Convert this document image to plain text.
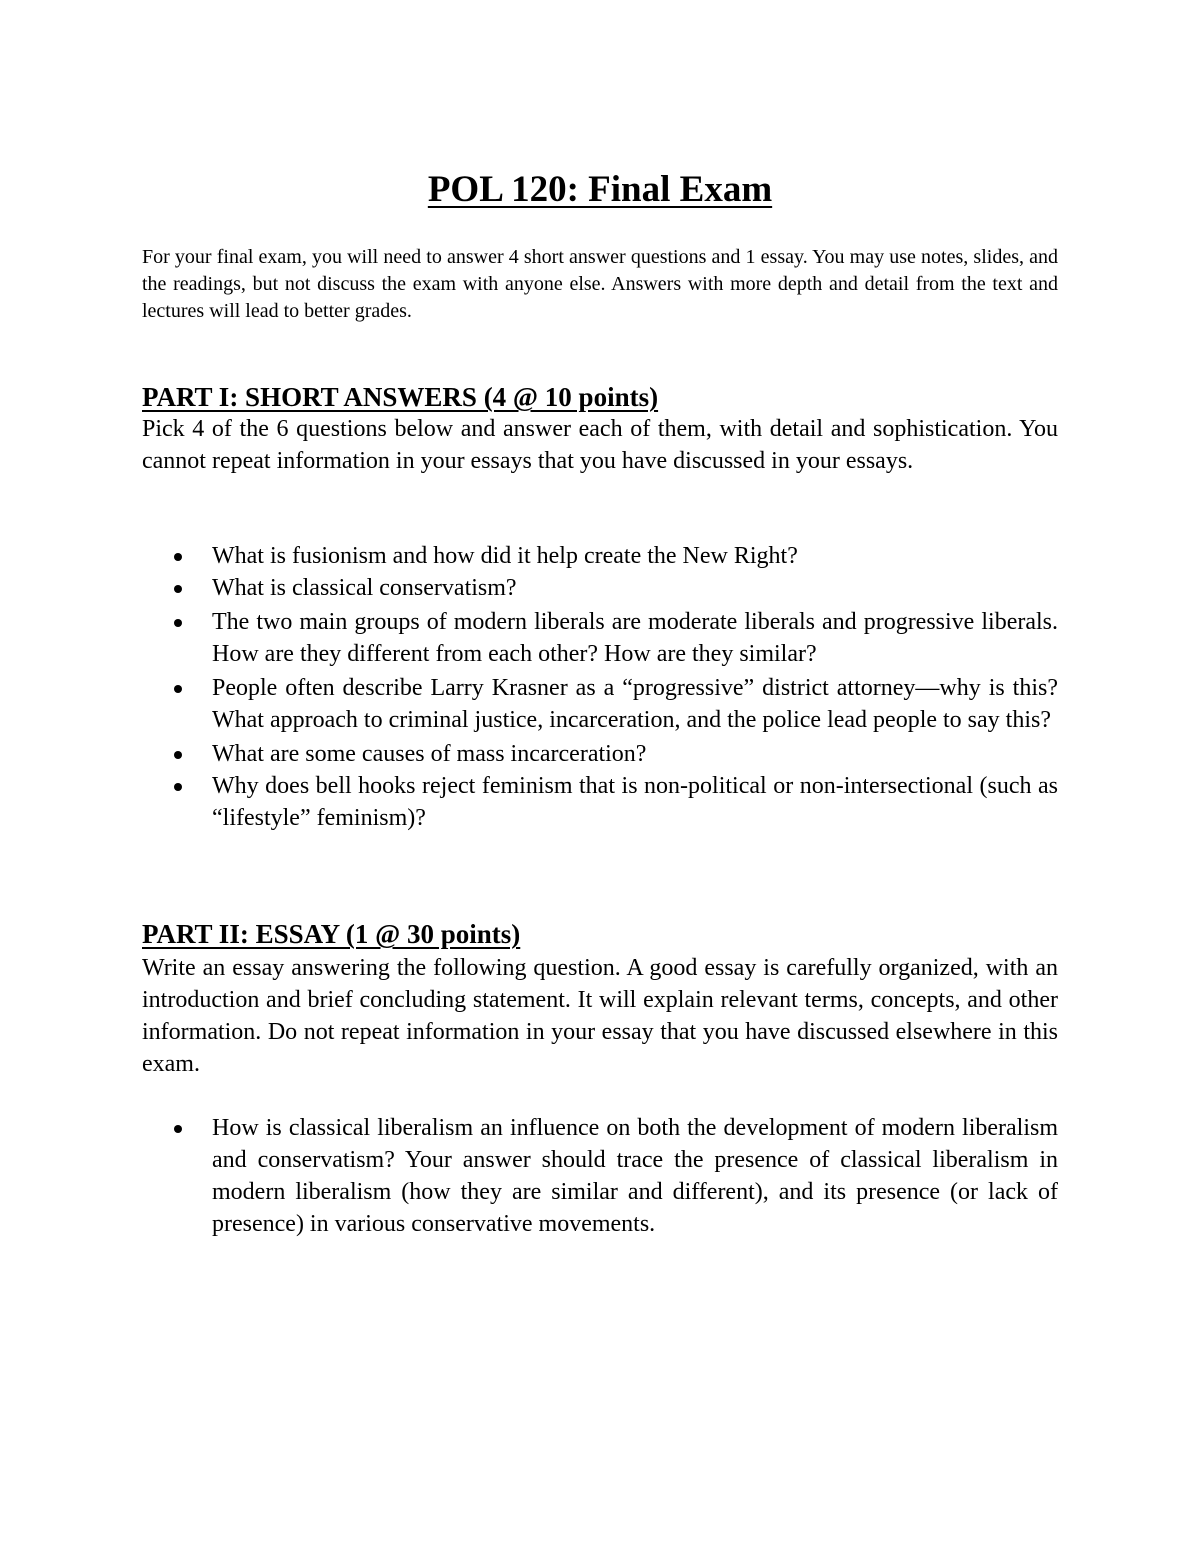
POL 120: Final Exam

For your final exam, you will need to answer 4 short answer questions and 1 essay. You may use notes, slides, and the readings, but not discuss the exam with anyone else. Answers with more depth and detail from the text and lectures will lead to better grades.

PART I: SHORT ANSWERS (4 @ 10 points)

Pick 4 of the 6 questions below and answer each of them, with detail and sophistication. You cannot repeat information in your essays that you have discussed in your essays.

What is fusionism and how did it help create the New Right?
What is classical conservatism?
The two main groups of modern liberals are moderate liberals and progressive liberals. How are they different from each other? How are they similar?
People often describe Larry Krasner as a “progressive” district attorney—why is this? What approach to criminal justice, incarceration, and the police lead people to say this?
What are some causes of mass incarceration?
Why does bell hooks reject feminism that is non-political or non-intersectional (such as “lifestyle” feminism)?
PART II: ESSAY (1 @ 30 points)

Write an essay answering the following question. A good essay is carefully organized, with an introduction and brief concluding statement. It will explain relevant terms, concepts, and other information. Do not repeat information in your essay that you have discussed elsewhere in this exam.

How is classical liberalism an influence on both the development of modern liberalism and conservatism? Your answer should trace the presence of classical liberalism in modern liberalism (how they are similar and different), and its presence (or lack of presence) in various conservative movements.
